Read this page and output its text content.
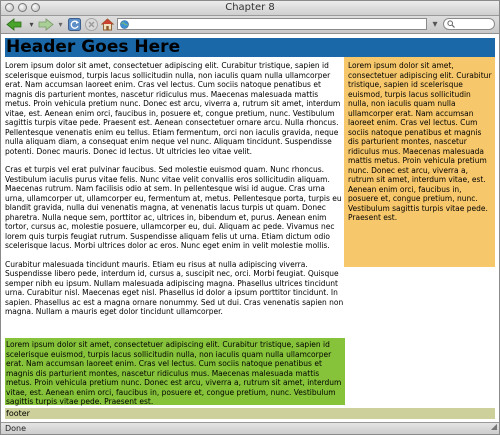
Chapter 8
▾	▾	▾
Header Goes Here

Lorem ipsum dolor sit amet, consectetuer adipiscing elit. Curabitur tristique, sapien id scelerisque euismod, turpis lacus sollicitudin nulla, non iaculis quam nulla ullamcorper erat. Nam accumsan laoreet enim. Cras vel lectus. Cum sociis natoque penatibus et magnis dis parturient montes, nascetur ridiculus mus. Maecenas malesuada mattis metus. Proin vehicula pretium nunc. Donec est arcu, viverra a, rutrum sit amet, interdum vitae, est. Aenean enim orci, faucibus in, posuere et, congue pretium, nunc. Vestibulum sagittis turpis vitae pede. Praesent est. Aenean consectetuer ornare arcu. Nulla rhoncus. Pellentesque venenatis enim eu tellus. Etiam fermentum, orci non iaculis gravida, neque nulla aliquam diam, a consequat enim neque vel nunc. Aliquam tincidunt. Suspendisse potenti. Donec mauris. Donec id lectus. Ut ultricies leo vitae velit.

Cras et turpis vel erat pulvinar faucibus. Sed molestie euismod quam. Nunc rhoncus. Vestibulum iaculis purus vitae felis. Nunc vitae velit convallis eros sollicitudin aliquam. Maecenas rutrum. Nam facilisis odio at sem. In pellentesque wisi id augue. Cras urna urna, ullamcorper ut, ullamcorper eu, fermentum at, metus. Pellentesque porta, turpis eu blandit gravida, nulla dui venenatis magna, at venenatis lacus turpis ut quam. Donec pharetra. Nulla neque sem, porttitor ac, ultrices in, bibendum et, purus. Aenean enim tortor, cursus ac, molestie posuere, ullamcorper eu, dui. Aliquam ac pede. Vivamus nec lorem quis turpis feugiat rutrum. Suspendisse aliquam felis ut urna. Etiam dictum odio scelerisque lacus. Morbi ultrices dolor ac eros. Nunc eget enim in velit molestie mollis.

Curabitur malesuada tincidunt mauris. Etiam eu risus at nulla adipiscing viverra. Suspendisse libero pede, interdum id, cursus a, suscipit nec, orci. Morbi feugiat. Quisque semper nibh eu ipsum. Nullam malesuada adipiscing magna. Phasellus ultrices tincidunt urna. Curabitur nisl. Maecenas eget nisl. Phasellus id dolor a ipsum porttitor tincidunt. In sapien. Phasellus ac est a magna ornare nonummy. Sed ut dui. Cras venenatis sapien non magna. Nullam a mauris eget dolor tincidunt ullamcorper.

Lorem ipsum dolor sit amet, consectetuer adipiscing elit. Curabitur tristique, sapien id scelerisque euismod, turpis lacus sollicitudin nulla, non iaculis quam nulla ullamcorper erat. Nam accumsan laoreet enim. Cras vel lectus. Cum sociis natoque penatibus et magnis dis parturient montes, nascetur ridiculus mus. Maecenas malesuada mattis metus. Proin vehicula pretium nunc. Donec est arcu, viverra a, rutrum sit amet, interdum vitae, est. Aenean enim orci, faucibus in, posuere et, congue pretium, nunc. Vestibulum sagittis turpis vitae pede. Praesent est.
Lorem ipsum dolor sit amet, consectetuer adipiscing elit. Curabitur tristique, sapien id scelerisque euismod, turpis lacus sollicitudin nulla, non iaculis quam nulla ullamcorper erat. Nam accumsan laoreet enim. Cras vel lectus. Cum sociis natoque penatibus et magnis dis parturient montes, nascetur ridiculus mus. Maecenas malesuada mattis metus. Proin vehicula pretium nunc. Donec est arcu, viverra a, rutrum sit amet, interdum vitae, est. Aenean enim orci, faucibus in, posuere et, congue pretium, nunc. Vestibulum sagittis turpis vitae pede. Praesent est.
footer
Done	◢
